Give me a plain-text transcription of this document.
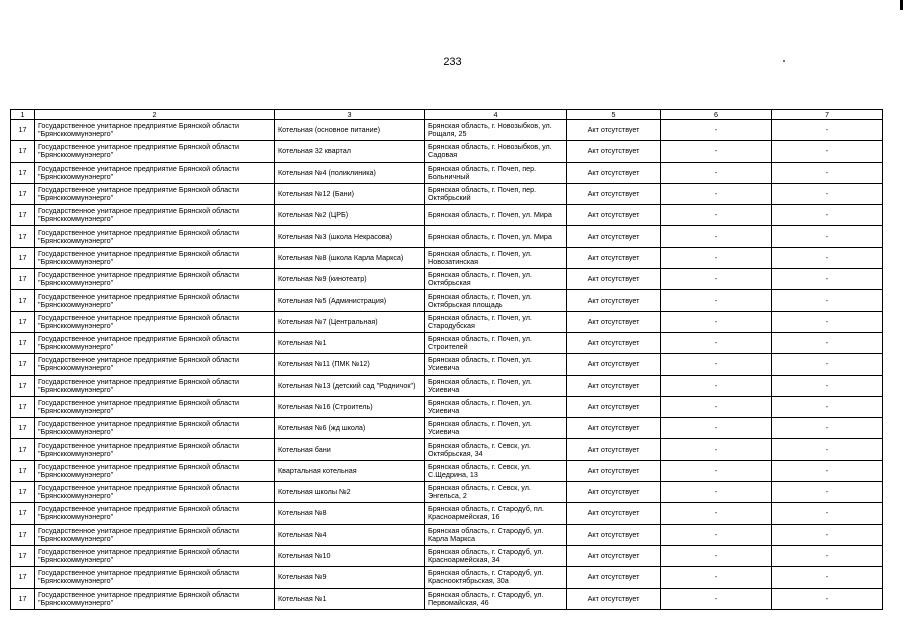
233
1	2	3	4	5	6	7
17	Государственное унитарное предприятие Брянской области "Брянсккоммунэнерго"	Котельная (основное питание)	Брянская область, г. Новозыбков, ул. Рощаля, 25	Акт отсутствует	-	-
17	Государственное унитарное предприятие Брянской области "Брянсккоммунэнерго"	Котельная 32 квартал	Брянская область, г. Новозыбков, ул. Садовая	Акт отсутствует	-	-
17	Государственное унитарное предприятие Брянской области "Брянсккоммунэнерго"	Котельная №4 (поликлиника)	Брянская область, г. Почеп, пер. Больничный	Акт отсутствует	-	-
17	Государственное унитарное предприятие Брянской области "Брянсккоммунэнерго"	Котельная №12 (Бани)	Брянская область, г. Почеп, пер. Октябрьский	Акт отсутствует	-	-
17	Государственное унитарное предприятие Брянской области "Брянсккоммунэнерго"	Котельная №2 (ЦРБ)	Брянская область, г. Почеп, ул. Мира	Акт отсутствует	-	-
17	Государственное унитарное предприятие Брянской области "Брянсккоммунэнерго"	Котельная №3 (школа Некрасова)	Брянская область, г. Почеп, ул. Мира	Акт отсутствует	-	-
17	Государственное унитарное предприятие Брянской области "Брянсккоммунэнерго"	Котельная №8 (школа Карла Маркса)	Брянская область, г. Почеп, ул. Новозатинская	Акт отсутствует	-	-
17	Государственное унитарное предприятие Брянской области "Брянсккоммунэнерго"	Котельная №9 (кинотеатр)	Брянская область, г. Почеп, ул. Октябрьская	Акт отсутствует	-	-
17	Государственное унитарное предприятие Брянской области "Брянсккоммунэнерго"	Котельная №5 (Администрация)	Брянская область, г. Почеп, ул. Октябрьская площадь	Акт отсутствует	-	-
17	Государственное унитарное предприятие Брянской области "Брянсккоммунэнерго"	Котельная №7 (Центральная)	Брянская область, г. Почеп, ул. Стародубская	Акт отсутствует	-	-
17	Государственное унитарное предприятие Брянской области "Брянсккоммунэнерго"	Котельная №1	Брянская область, г. Почеп, ул. Строителей	Акт отсутствует	-	-
17	Государственное унитарное предприятие Брянской области "Брянсккоммунэнерго"	Котельная №11 (ПМК №12)	Брянская область, г. Почеп, ул. Усиевича	Акт отсутствует	-	-
17	Государственное унитарное предприятие Брянской области "Брянсккоммунэнерго"	Котельная №13 (детский сад "Родничок")	Брянская область, г. Почеп, ул. Усиевича	Акт отсутствует	-	-
17	Государственное унитарное предприятие Брянской области "Брянсккоммунэнерго"	Котельная №16 (Строитель)	Брянская область, г. Почеп, ул. Усиевича	Акт отсутствует	-	-
17	Государственное унитарное предприятие Брянской области "Брянсккоммунэнерго"	Котельная №6 (жд школа)	Брянская область, г. Почеп, ул. Усиевича	Акт отсутствует	-	-
17	Государственное унитарное предприятие Брянской области "Брянсккоммунэнерго"	Котельная бани	Брянская область, г. Севск, ул. Октябрьская, 34	Акт отсутствует	-	-
17	Государственное унитарное предприятие Брянской области "Брянсккоммунэнерго"	Квартальная котельная	Брянская область, г. Севск, ул. С.Щедрина, 13	Акт отсутствует	-	-
17	Государственное унитарное предприятие Брянской области "Брянсккоммунэнерго"	Котельная школы №2	Брянская область, г. Севск, ул. Энгельса, 2	Акт отсутствует	-	-
17	Государственное унитарное предприятие Брянской области "Брянсккоммунэнерго"	Котельная №8	Брянская область, г. Стародуб, пл. Красноармейская, 16	Акт отсутствует	-	-
17	Государственное унитарное предприятие Брянской области "Брянсккоммунэнерго"	Котельная №4	Брянская область, г. Стародуб, ул. Карла Маркса	Акт отсутствует	-	-
17	Государственное унитарное предприятие Брянской области "Брянсккоммунэнерго"	Котельная №10	Брянская область, г. Стародуб, ул. Красноармейская, 34	Акт отсутствует	-	-
17	Государственное унитарное предприятие Брянской области "Брянсккоммунэнерго"	Котельная №9	Брянская область, г. Стародуб, ул. Красноoктябрьская, 30а	Акт отсутствует	-	-
17	Государственное унитарное предприятие Брянской области "Брянсккоммунэнерго"	Котельная №1	Брянская область, г. Стародуб, ул. Первомайская, 46	Акт отсутствует	-	-
